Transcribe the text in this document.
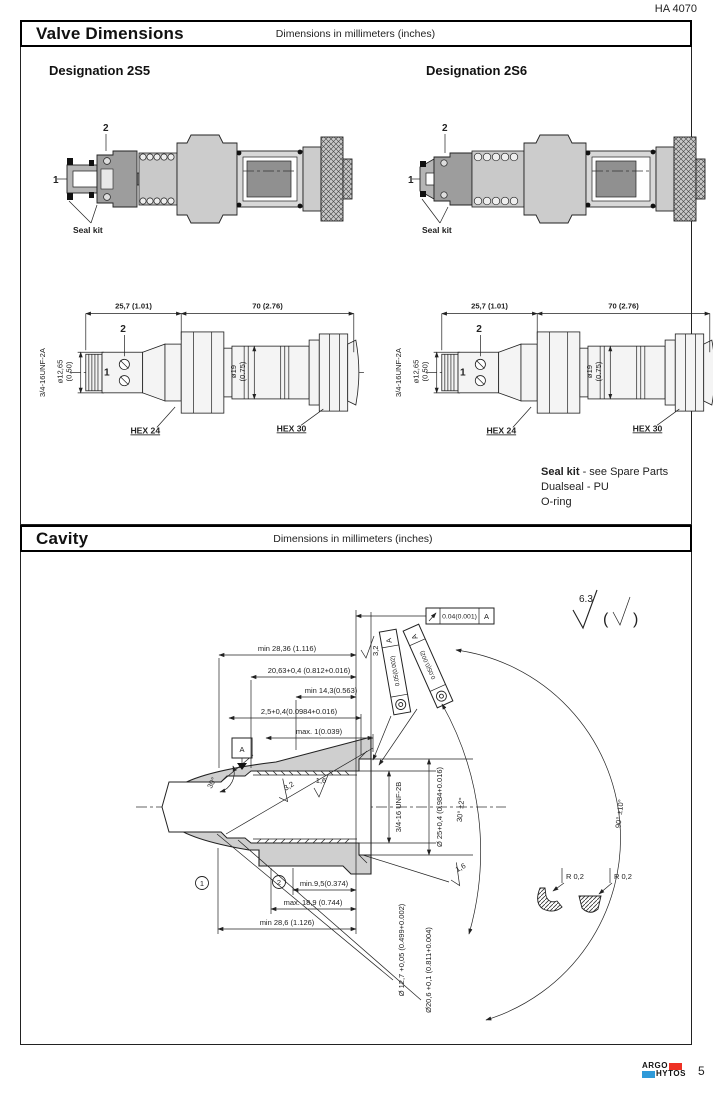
HA 4070
Valve Dimensions	Dimensions in millimeters (inches)
Designation 2S5	Designation 2S6
2
1
Seal kit
2
1
Seal kit
25,7 (1.01)	70 (2.76)
3/4-16UNF-2A ø12,65 (0.50)	ø19 (0.75)
2
1
HEX 24	HEX 30
25,7 (1.01)	70 (2.76)
3/4-16UNF-2A ø12,65 (0.50)	ø19 (0.75)
2
1
HEX 24	HEX 30
Seal kit - see Spare Parts
Dualseal - PU
O-ring
Cavity	Dimensions in millimeters (inches)
A
30°	3,2	1,6
min 28,36 (1.116)
20,63+0,4 (0.812+0.016)
min 14,3(0.563)
2,5+0,4(0.0984+0.016)
max. 1(0.039)
0.04(0.001) A
3,2
A
0.05(0.002)
A
0.05(0.002)
3/4-16 UNF-2B	Ø 25+0,4 (0.984+0.016) 30° ±2°	90° ±10°
1,6
min.9,5(0.374)
max. 18,9 (0.744)
min 28,6 (1.126)
1	2
Ø 12,7 +0,05 (0.499+0.002) Ø20,6 +0,1 (0.811+0.004)
6.3
( )
R 0,2	R 0,2
ARGO
HYTOS 5
